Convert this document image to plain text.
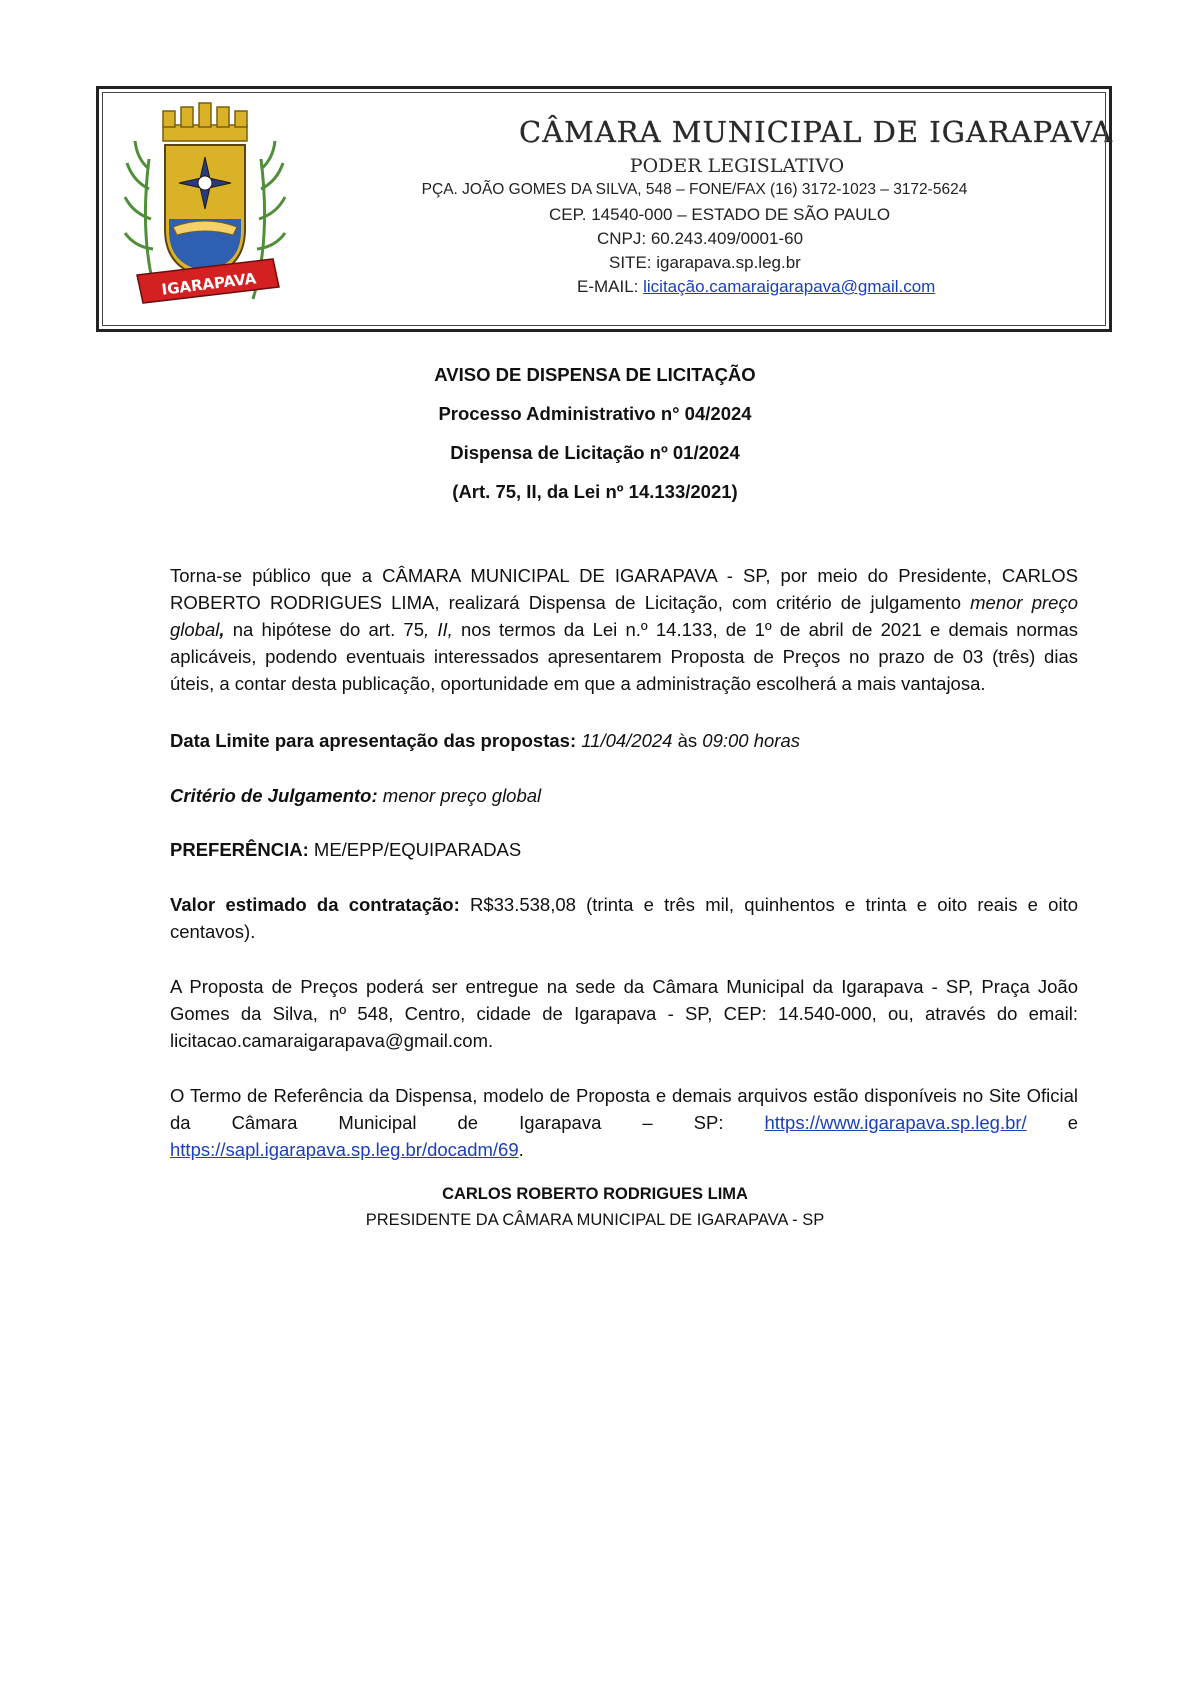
IGARAPAVA
CÂMARA MUNICIPAL DE IGARAPAVA
PODER LEGISLATIVO
PÇA. JOÃO GOMES DA SILVA, 548 – FONE/FAX (16) 3172-1023 – 3172-5624
CEP. 14540-000 – ESTADO DE SÃO PAULO
CNPJ: 60.243.409/0001-60
SITE: igarapava.sp.leg.br
E-MAIL: licitação.camaraigarapava@gmail.com
AVISO DE DISPENSA DE LICITAÇÃO
Processo Administrativo n° 04/2024
Dispensa de Licitação nº 01/2024
(Art. 75, II, da Lei nº 14.133/2021)
Torna-se público que a CÂMARA MUNICIPAL DE IGARAPAVA - SP, por meio do Presidente, CARLOS ROBERTO RODRIGUES LIMA, realizará Dispensa de Licitação, com critério de julgamento menor preço global, na hipótese do art. 75, II, nos termos da Lei n.º 14.133, de 1º de abril de 2021 e demais normas aplicáveis, podendo eventuais interessados apresentarem Proposta de Preços no prazo de 03 (três) dias úteis, a contar desta publicação, oportunidade em que a administração escolherá a mais vantajosa.
Data Limite para apresentação das propostas: 11/04/2024 às 09:00 horas
Critério de Julgamento: menor preço global
PREFERÊNCIA: ME/EPP/EQUIPARADAS
Valor estimado da contratação: R$33.538,08 (trinta e três mil, quinhentos e trinta e oito reais e oito centavos).
A Proposta de Preços poderá ser entregue na sede da Câmara Municipal da Igarapava - SP, Praça João Gomes da Silva, nº 548, Centro, cidade de Igarapava - SP, CEP: 14.540-000, ou, através do email: licitacao.camaraigarapava@gmail.com.
O Termo de Referência da Dispensa, modelo de Proposta e demais arquivos estão disponíveis no Site Oficial da Câmara Municipal de Igarapava – SP: https://www.igarapava.sp.leg.br/ e https://sapl.igarapava.sp.leg.br/docadm/69.
CARLOS ROBERTO RODRIGUES LIMA
PRESIDENTE DA CÂMARA MUNICIPAL DE IGARAPAVA - SP
